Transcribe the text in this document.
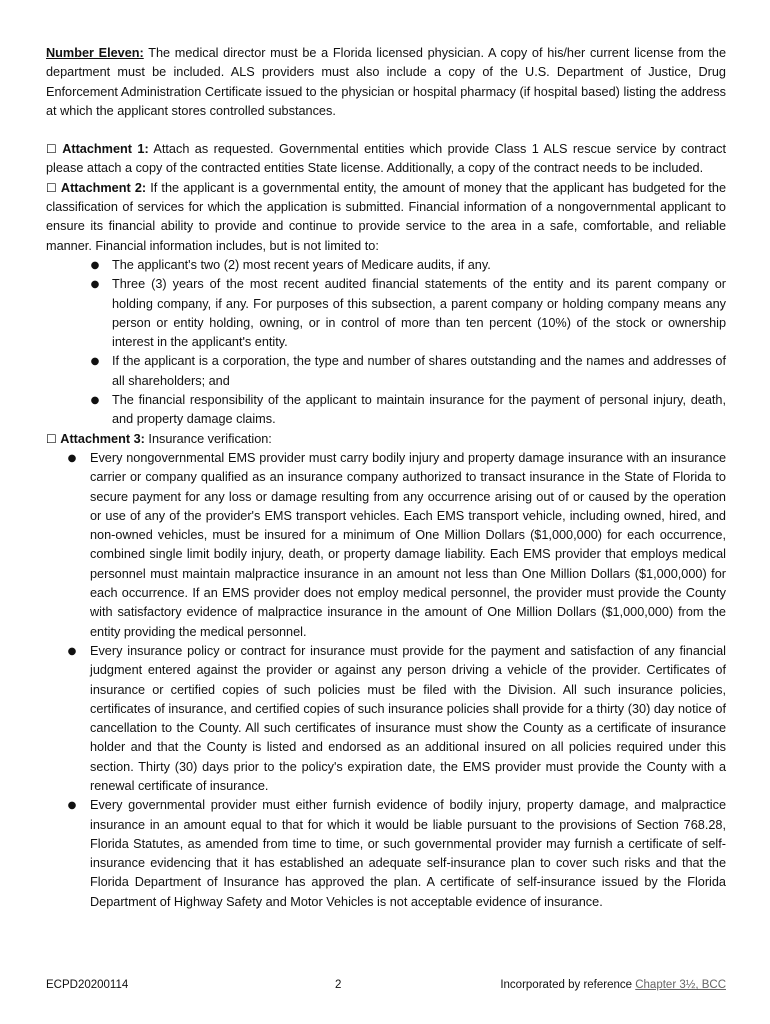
Number Eleven: The medical director must be a Florida licensed physician. A copy of his/her current license from the department must be included. ALS providers must also include a copy of the U.S. Department of Justice, Drug Enforcement Administration Certificate issued to the physician or hospital pharmacy (if hospital based) listing the address at which the applicant stores controlled substances.

☐ Attachment 1: Attach as requested. Governmental entities which provide Class 1 ALS rescue service by contract please attach a copy of the contracted entities State license. Additionally, a copy of the contract needs to be included.

☐ Attachment 2: If the applicant is a governmental entity, the amount of money that the applicant has budgeted for the classification of services for which the application is submitted. Financial information of a nongovernmental applicant to ensure its financial ability to provide and continue to provide service to the area in a safe, comfortable, and reliable manner. Financial information includes, but is not limited to:

● The applicant's two (2) most recent years of Medicare audits, if any.
● Three (3) years of the most recent audited financial statements of the entity and its parent company or holding company, if any. For purposes of this subsection, a parent company or holding company means any person or entity holding, owning, or in control of more than ten percent (10%) of the stock or ownership interest in the applicant's entity.
● If the applicant is a corporation, the type and number of shares outstanding and the names and addresses of all shareholders; and
● The financial responsibility of the applicant to maintain insurance for the payment of personal injury, death, and property damage claims.

☐ Attachment 3: Insurance verification:

● Every nongovernmental EMS provider must carry bodily injury and property damage insurance with an insurance carrier or company qualified as an insurance company authorized to transact insurance in the State of Florida to secure payment for any loss or damage resulting from any occurrence arising out of or caused by the operation or use of any of the provider's EMS transport vehicles. Each EMS transport vehicle, including owned, hired, and non-owned vehicles, must be insured for a minimum of One Million Dollars ($1,000,000) for each occurrence, combined single limit bodily injury, death, or property damage liability. Each EMS provider that employs medical personnel must maintain malpractice insurance in an amount not less than One Million Dollars ($1,000,000) for each occurrence. If an EMS provider does not employ medical personnel, the provider must provide the County with satisfactory evidence of malpractice insurance in the amount of One Million Dollars ($1,000,000) from the entity providing the medical personnel.
● Every insurance policy or contract for insurance must provide for the payment and satisfaction of any financial judgment entered against the provider or against any person driving a vehicle of the provider. Certificates of insurance or certified copies of such policies must be filed with the Division. All such insurance policies, certificates of insurance, and certified copies of such insurance policies shall provide for a thirty (30) day notice of cancellation to the County. All such certificates of insurance must show the County as a certificate of insurance holder and that the County is listed and endorsed as an additional insured on all policies required under this section. Thirty (30) days prior to the policy's expiration date, the EMS provider must provide the County with a renewal certificate of insurance.
● Every governmental provider must either furnish evidence of bodily injury, property damage, and malpractice insurance in an amount equal to that for which it would be liable pursuant to the provisions of Section 768.28, Florida Statutes, as amended from time to time, or such governmental provider may furnish a certificate of self-insurance evidencing that it has established an adequate self-insurance plan to cover such risks and that the Florida Department of Insurance has approved the plan. A certificate of self-insurance issued by the Florida Department of Highway Safety and Motor Vehicles is not acceptable evidence of insurance.
ECPD20200114	2	Incorporated by reference Chapter 3½, BCC
